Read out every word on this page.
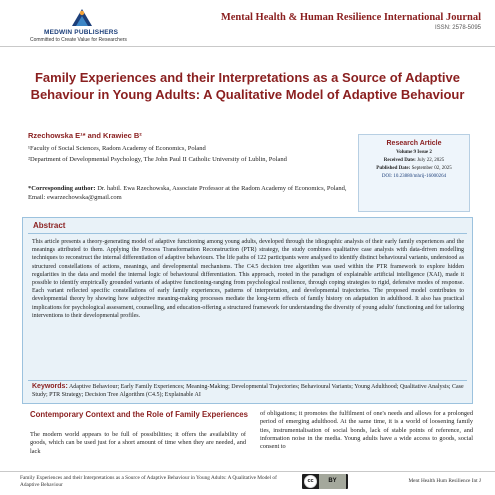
MEDWIN PUBLISHERS
Committed to Create Value for Researchers
Mental Health & Human Resilience International Journal
ISSN: 2578-5095
Family Experiences and their Interpretations as a Source of Adaptive Behaviour in Young Adults: A Qualitative Model of Adaptive Behaviour
Rzechowska E¹* and Krawiec B²
¹Faculty of Social Sciences, Radom Academy of Economics, Poland
²Department of Developmental Psychology, The John Paul II Catholic University of Lublin, Poland
*Corresponding author: Dr. habil. Ewa Rzechowska, Associate Professor at the Radom Academy of Economics, Poland, Email: ewarzechowska@gmail.com
Research Article
Volume 9 Issue 2
Received Date: July 22, 2025
Published Date: September 02, 2025
DOI: 10.23880/mhrij-16000264
Abstract
This article presents a theory-generating model of adaptive functioning among young adults, developed through the idiographic analysis of their early family experiences and the meanings attributed to them. Applying the Process Transformation Reconstruction (PTR) strategy, the study combines qualitative case analysis with data-driven modelling techniques to reconstruct the internal differentiation of adaptive behaviours. The life paths of 122 participants were analysed to identify distinct behavioural variants, understood as structured constellations of actions, meanings, and developmental mechanisms. The C4.5 decision tree algorithm was used within the PTR framework to explore hidden regularities in the data and model the internal logic of behavioural differentiation. This approach, rooted in the paradigm of explainable artificial intelligence (XAI), made it possible to identify empirically grounded variants of adaptive functioning-ranging from psychological resilience, through coping strategies to rigid, defensive modes of response. Each variant reflected specific constellations of early family experiences, patterns of interpretation, and developmental trajectories. The proposed model contributes to developmental theory by showing how subjective meaning-making processes mediate the long-term effects of family history on adaptation in adulthood. It also has practical implications for psychological assessment, counselling, and education-offering a structured framework for understanding the diversity of young adults' functioning and for tailoring interventions to their developmental profiles.
Keywords: Adaptive Behaviour; Early Family Experiences; Meaning-Making; Developmental Trajectories; Behavioural Variants; Young Adulthood; Qualitative Analysis; Case Study; PTR Strategy; Decision Tree Algorithm (C4.5); Explainable AI
Contemporary Context and the Role of Family Experiences
The modern world appears to be full of possibilities; it offers the availability of goods, which can be used just for a short amount of time when they are needed, and lack
of obligations; it promotes the fulfilment of one's needs and allows for a prolonged period of emerging adulthood. At the same time, it is a world of loosening family ties, instrumentalisation of social bonds, lack of stable points of reference, and information noise in the media. Young adults have a wide access to goods, social consent to
Family Experiences and their Interpretations as a Source of Adaptive Behaviour in Young Adults: A Qualitative Model of Adaptive Behaviour
cc	BY	Ment Health Hum Resilience Int J
